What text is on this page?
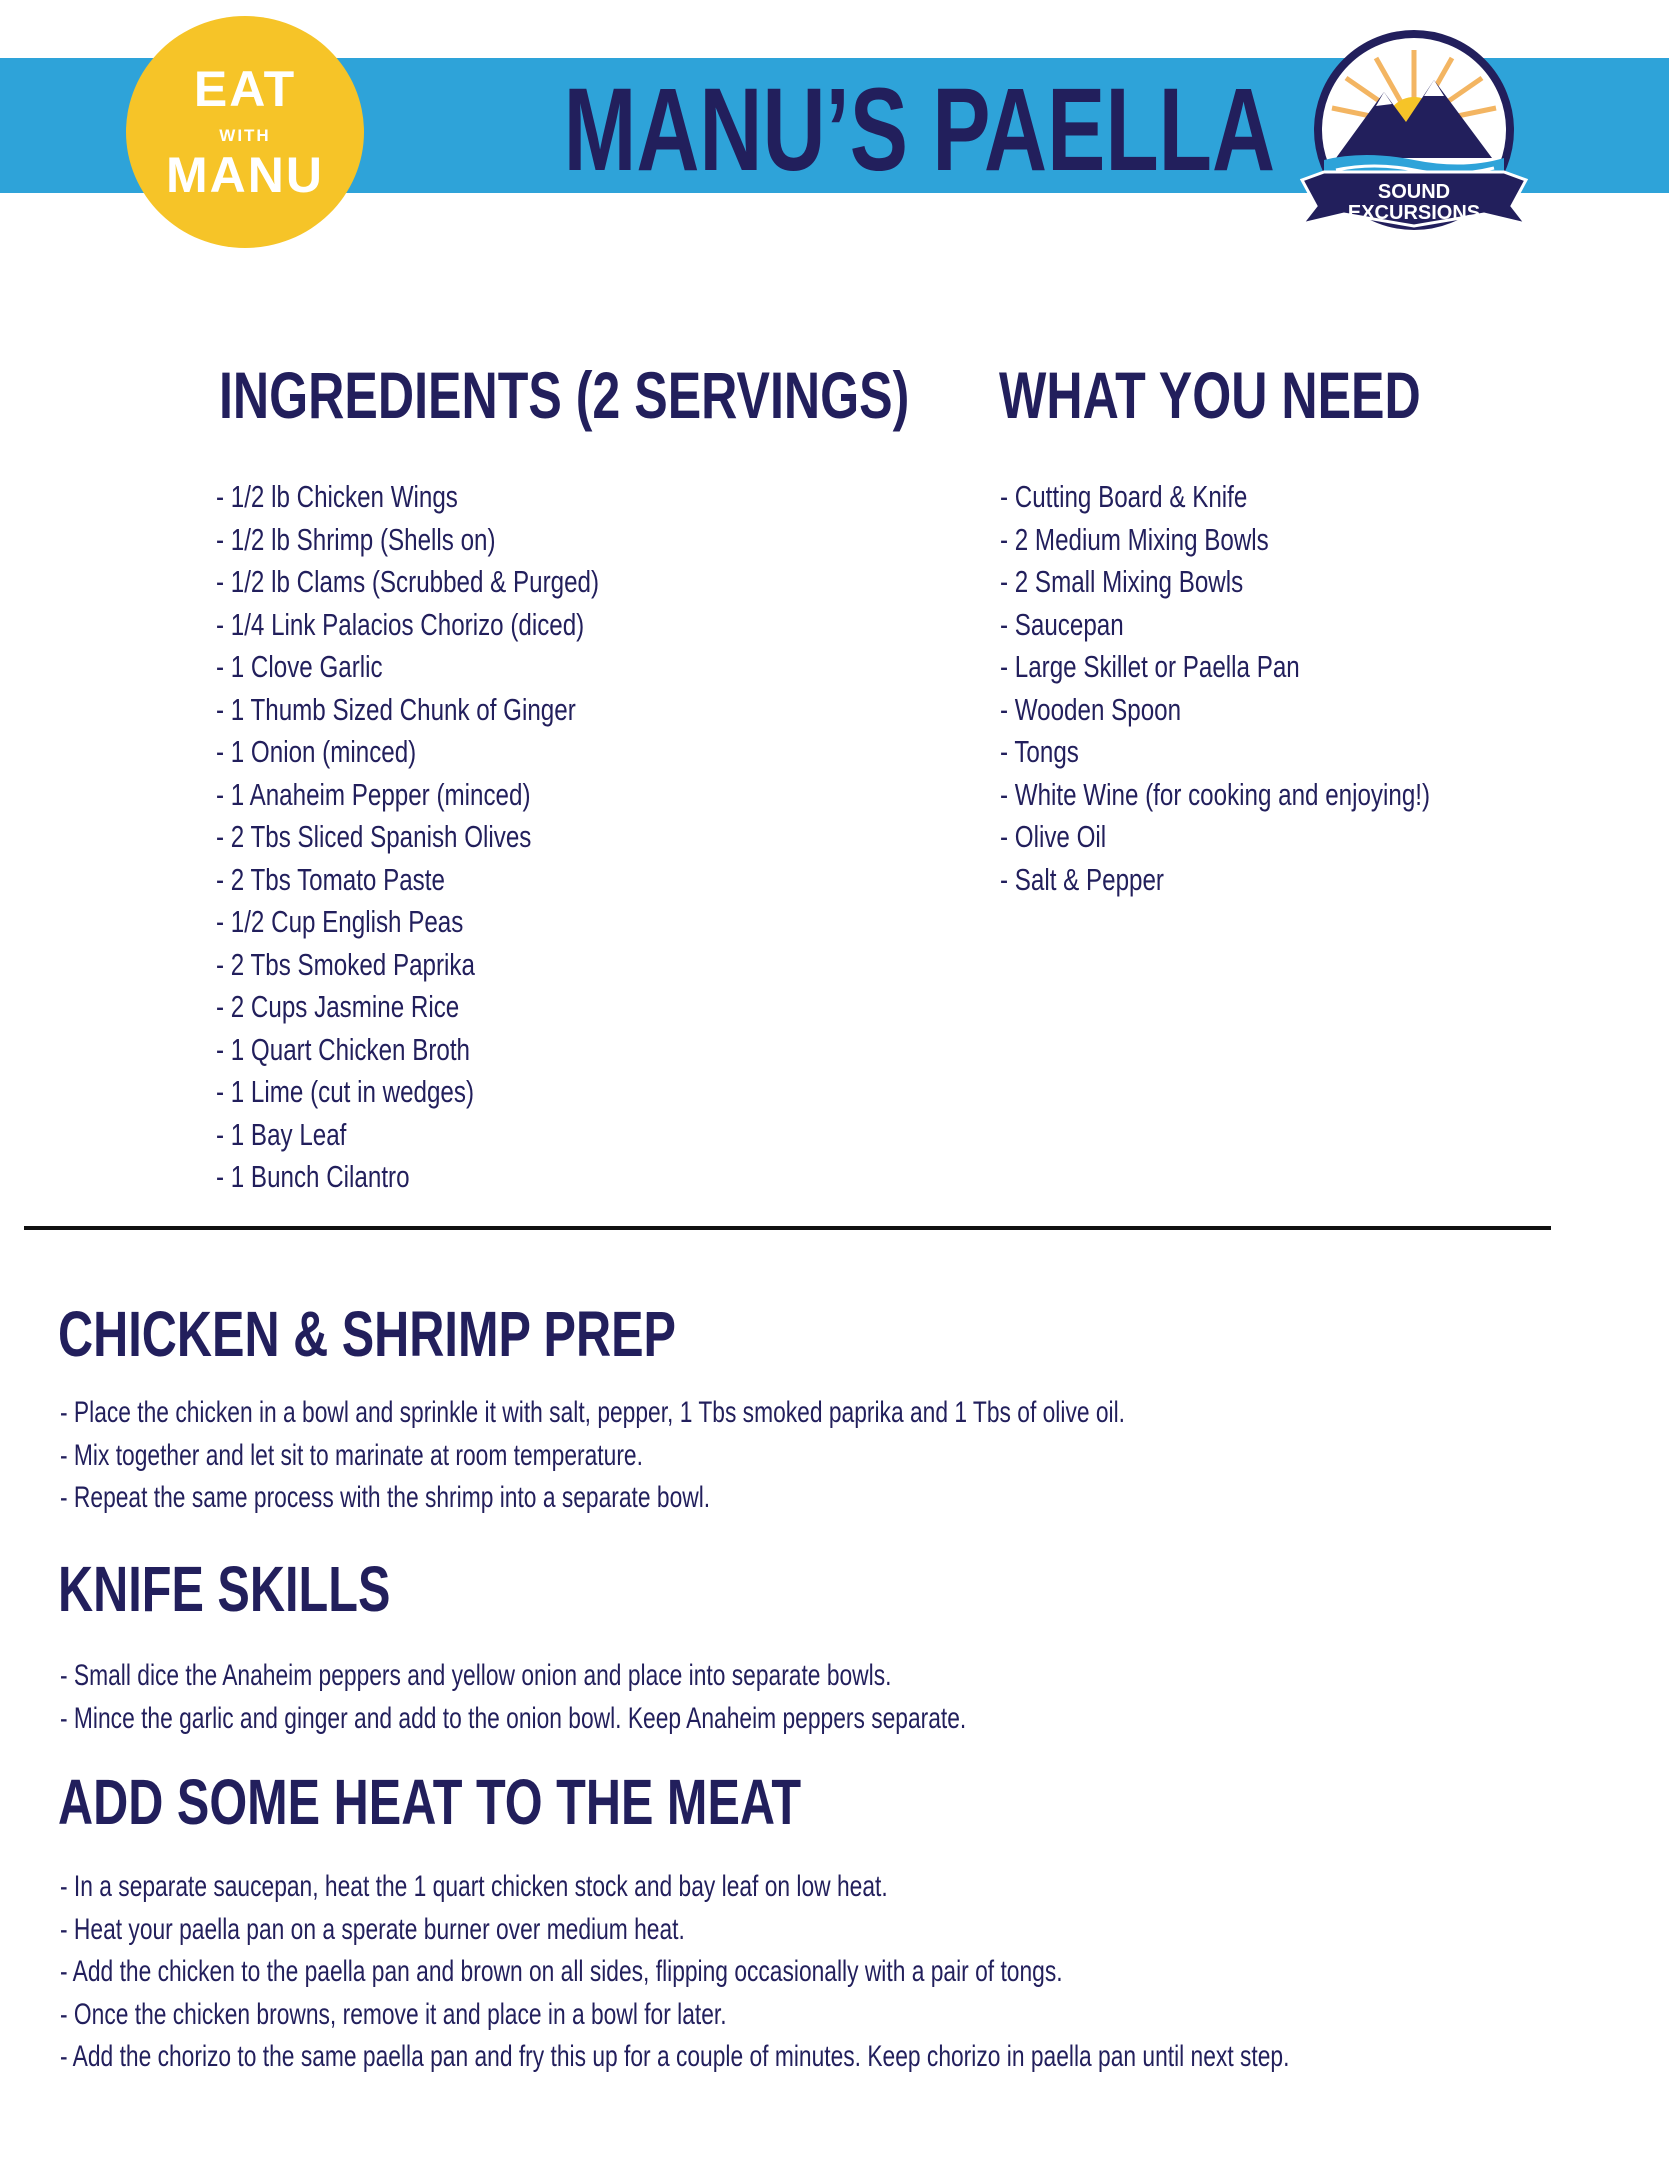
EAT
WITH
MANU	MANU’S PAELLA	SOUND
EXCURSIONS
INGREDIENTS (2 SERVINGS)
- 1/2 lb Chicken Wings
- 1/2 lb Shrimp (Shells on)
- 1/2 lb Clams (Scrubbed & Purged)
- 1/4 Link Palacios Chorizo (diced)
- 1 Clove Garlic
- 1 Thumb Sized Chunk of Ginger
- 1 Onion (minced)
- 1 Anaheim Pepper (minced)
- 2 Tbs Sliced Spanish Olives
- 2 Tbs Tomato Paste
- 1/2 Cup English Peas
- 2 Tbs Smoked Paprika
- 2 Cups Jasmine Rice
- 1 Quart Chicken Broth
- 1 Lime (cut in wedges)
- 1 Bay Leaf
- 1 Bunch Cilantro
WHAT YOU NEED
- Cutting Board & Knife
- 2 Medium Mixing Bowls
- 2 Small Mixing Bowls
- Saucepan
- Large Skillet or Paella Pan
- Wooden Spoon
- Tongs
- White Wine (for cooking and enjoying!)
- Olive Oil
- Salt & Pepper
CHICKEN & SHRIMP PREP
- Place the chicken in a bowl and sprinkle it with salt, pepper, 1 Tbs smoked paprika and 1 Tbs of olive oil.
- Mix together and let sit to marinate at room temperature.
- Repeat the same process with the shrimp into a separate bowl.
KNIFE SKILLS
- Small dice the Anaheim peppers and yellow onion and place into separate bowls.
- Mince the garlic and ginger and add to the onion bowl. Keep Anaheim peppers separate.
ADD SOME HEAT TO THE MEAT
- In a separate saucepan, heat the 1 quart chicken stock and bay leaf on low heat.
- Heat your paella pan on a sperate burner over medium heat.
- Add the chicken to the paella pan and brown on all sides, flipping occasionally with a pair of tongs.
- Once the chicken browns, remove it and place in a bowl for later.
- Add the chorizo to the same paella pan and fry this up for a couple of minutes. Keep chorizo in paella pan until next step.
